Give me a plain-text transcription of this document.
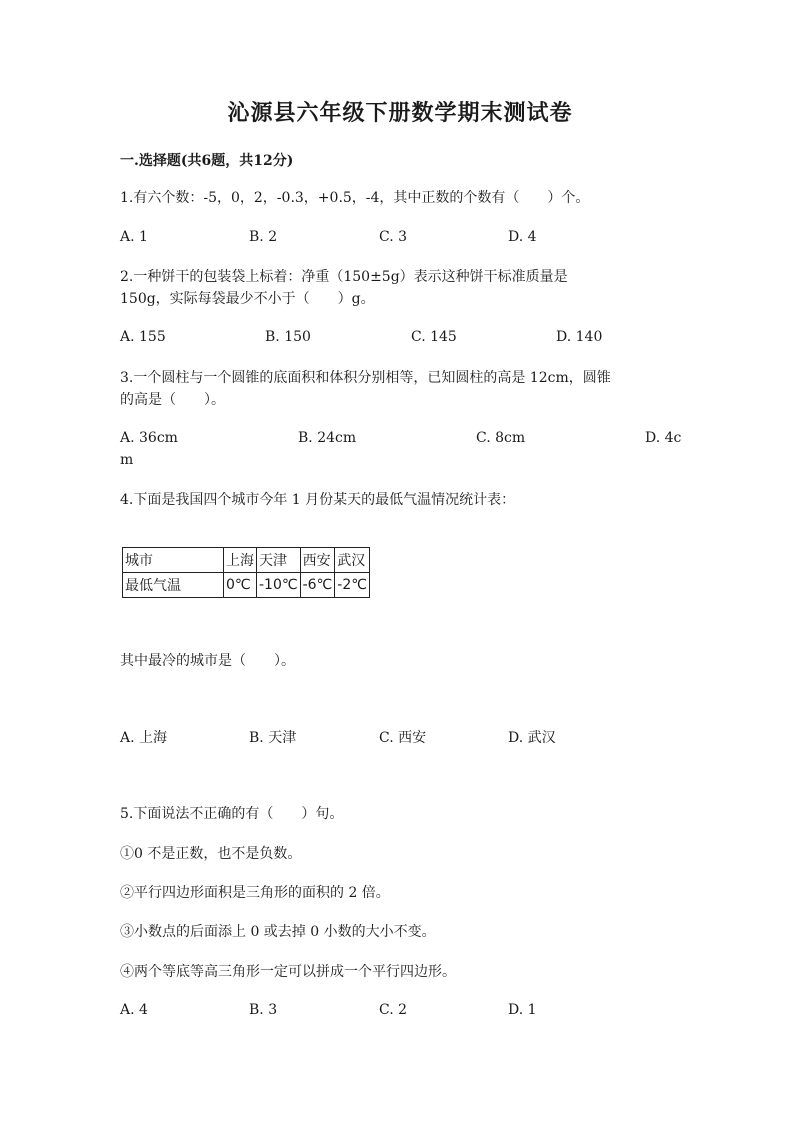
沁源县六年级下册数学期末测试卷
一.选择题(共6题，共12分)
1.有六个数：-5，0，2，-0.3，+0.5，-4，其中正数的个数有（　　）个。
A. 1	B. 2	C. 3	D. 4
2.一种饼干的包装袋上标着：净重（150±5g）表示这种饼干标准质量是
150g，实际每袋最少不小于（　　）g。
A. 155	B. 150	C. 145	D. 140
3.一个圆柱与一个圆锥的底面积和体积分别相等，已知圆柱的高是 12cm，圆锥
的高是（　　）。
A. 36cm	B. 24cm	C. 8cm	D. 4c
m
4.下面是我国四个城市今年 1 月份某天的最低气温情况统计表：
城市	上海	天津	西安	武汉
最低气温	0℃	-10℃	-6℃	-2℃
其中最冷的城市是（　　）。
A. 上海	B. 天津	C. 西安	D. 武汉
5.下面说法不正确的有（　　）句。
①0 不是正数，也不是负数。
②平行四边形面积是三角形的面积的 2 倍。
③小数点的后面添上 0 或去掉 0 小数的大小不变。
④两个等底等高三角形一定可以拼成一个平行四边形。
A. 4	B. 3	C. 2	D. 1
